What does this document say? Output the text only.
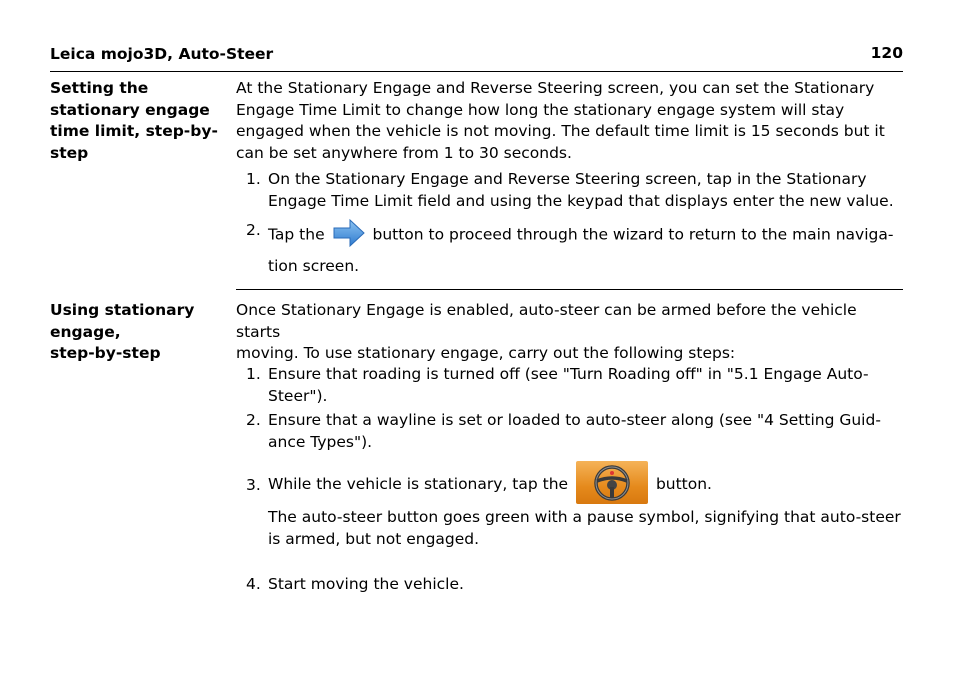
Leica mojo3D, Auto-Steer	120
Setting the
stationary engage
time limit, step-by-
step
At the Stationary Engage and Reverse Steering screen, you can set the Stationary
Engage Time Limit to change how long the stationary engage system will stay
engaged when the vehicle is not moving. The default time limit is 15 seconds but it
can be set anywhere from 1 to 30 seconds.
1. On the Stationary Engage and Reverse Steering screen, tap in the Stationary
Engage Time Limit field and using the keypad that displays enter the new value.
2. Tap the	button to proceed through the wizard to return to the main naviga-
tion screen.
Using stationary
engage,
step-by-step
Once Stationary Engage is enabled, auto-steer can be armed before the vehicle starts
moving. To use stationary engage, carry out the following steps:
1. Ensure that roading is turned off (see "Turn Roading off" in "5.1 Engage Auto-
Steer").
2. Ensure that a wayline is set or loaded to auto-steer along (see "4 Setting Guid-
ance Types").
3. While the vehicle is stationary, tap the	button.
The auto-steer button goes green with a pause symbol, signifying that auto-steer
is armed, but not engaged.
4. Start moving the vehicle.
